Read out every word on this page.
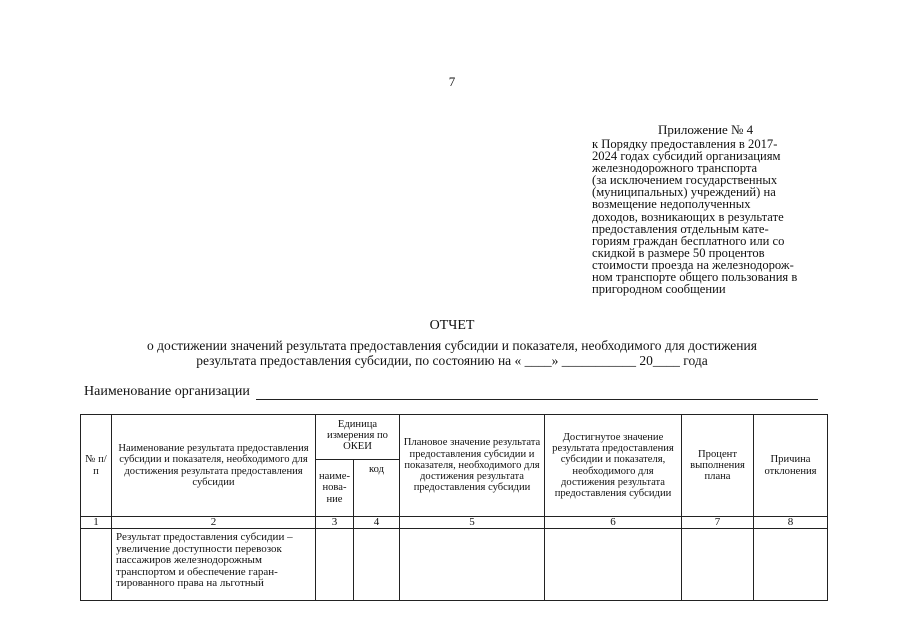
7
Приложение № 4
к Порядку предоставления в 2017-
2024 годах субсидий организациям
железнодорожного транспорта
(за исключением государственных
(муниципальных) учреждений) на
возмещение недополученных
доходов, возникающих в результате
предоставления отдельным кате-
гориям граждан бесплатного или со
скидкой в размере 50 процентов
стоимости проезда на железнодорож-
ном транспорте общего пользования в
пригородном сообщении
ОТЧЕТ
о достижении значений результата предоставления субсидии и показателя, необходимого для достижения
результата предоставления субсидии, по состоянию на « ____» ___________ 20____ года
Наименование организации
№ п/п	Наименование результата предоставления субсидии и показателя, необходимого для достижения результата предоставления субсидии	Единица измерения по ОКЕИ		Плановое значение результата предоставления субсидии и показателя, необходимого для достижения результата предоставления субсидии	Достигнутое значение результата предоставления субсидии и показателя, необходимого для достижения результата предоставления субсидии	Процент выполнения плана	Причина отклонения
		наиме-нова-ние	код				
1	2	3	4	5	6	7	8
	Результат предоставления субсидии – увеличение доступности перевозок пассажиров железнодорожным транспортом и обеспечение гаран-тированного права на льготный						
